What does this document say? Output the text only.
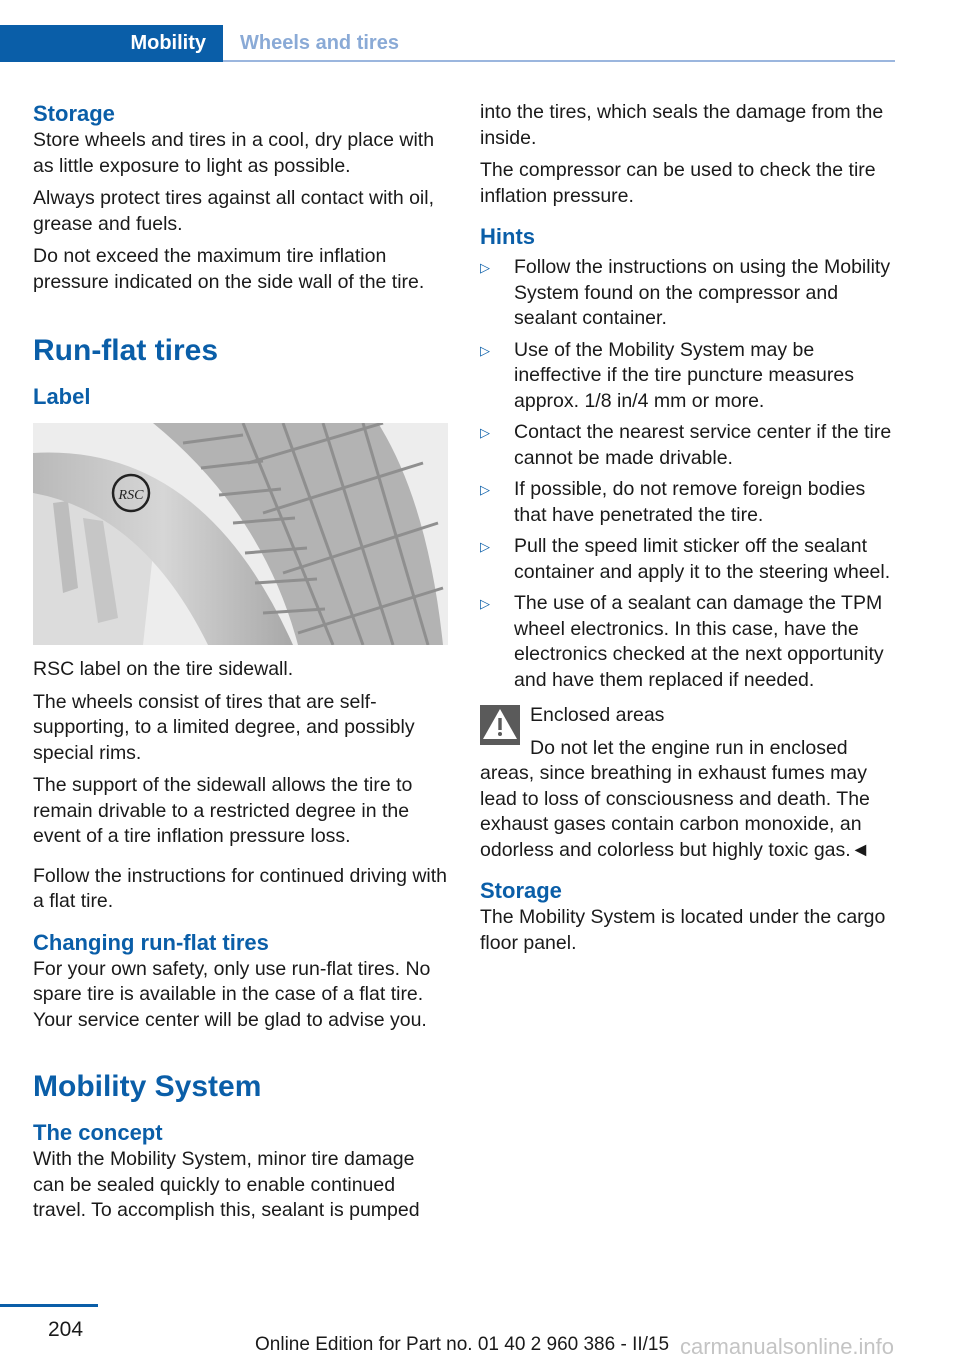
Mobility	Wheels and tires
Storage

Store wheels and tires in a cool, dry place with as little exposure to light as possible.

Always protect tires against all contact with oil, grease and fuels.

Do not exceed the maximum tire inflation pressure indicated on the side wall of the tire.

Run-flat tires
Label
RSC

RSC label on the tire sidewall.

The wheels consist of tires that are self-supporting, to a limited degree, and possibly special rims.

The support of the sidewall allows the tire to remain drivable to a restricted degree in the event of a tire inflation pressure loss.

Follow the instructions for continued driving with a flat tire.

Changing run-flat tires

For your own safety, only use run-flat tires. No spare tire is available in the case of a flat tire. Your service center will be glad to advise you.

Mobility System
The concept

With the Mobility System, minor tire damage can be sealed quickly to enable continued travel. To accomplish this, sealant is pumped

into the tires, which seals the damage from the inside.

The compressor can be used to check the tire inflation pressure.

Hints
▷ Follow the instructions on using the Mobility System found on the compressor and sealant container.
▷ Use of the Mobility System may be ineffective if the tire puncture measures approx. 1/8 in/4 mm or more.
▷ Contact the nearest service center if the tire cannot be made drivable.
▷ If possible, do not remove foreign bodies that have penetrated the tire.
▷ Pull the speed limit sticker off the sealant container and apply it to the steering wheel.
▷ The use of a sealant can damage the TPM wheel electronics. In this case, have the electronics checked at the next opportunity and have them replaced if needed.

Enclosed areas

Do not let the engine run in enclosed areas, since breathing in exhaust fumes may lead to loss of consciousness and death. The exhaust gases contain carbon monoxide, an odorless and colorless but highly toxic gas.◄

Storage

The Mobility System is located under the cargo floor panel.

204
Online Edition for Part no. 01 40 2 960 386 - II/15 carmanualsonline.info
